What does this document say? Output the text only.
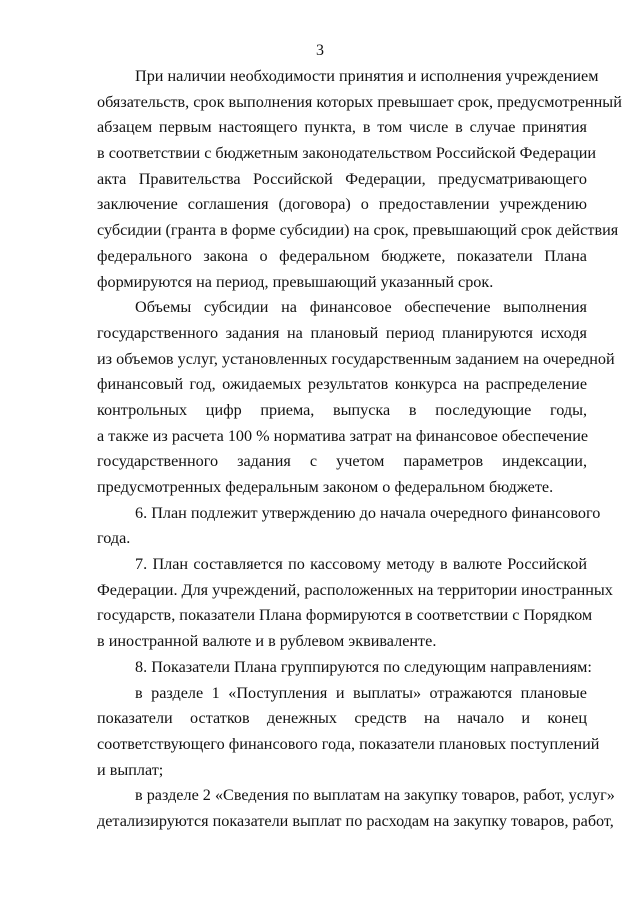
3
При наличии необходимости принятия и исполнения учреждением
обязательств, срок выполнения которых превышает срок, предусмотренный
абзацем первым настоящего пункта, в том числе в случае принятия
в соответствии с бюджетным законодательством Российской Федерации
акта Правительства Российской Федерации, предусматривающего
заключение соглашения (договора) о предоставлении учреждению
субсидии (гранта в форме субсидии) на срок, превышающий срок действия
федерального закона о федеральном бюджете, показатели Плана
формируются на период, превышающий указанный срок.
Объемы субсидии на финансовое обеспечение выполнения
государственного задания на плановый период планируются исходя
из объемов услуг, установленных государственным заданием на очередной
финансовый год, ожидаемых результатов конкурса на распределение
контрольных цифр приема, выпуска в последующие годы,
а также из расчета 100 % норматива затрат на финансовое обеспечение
государственного задания с учетом параметров индексации,
предусмотренных федеральным законом о федеральном бюджете.
6. План подлежит утверждению до начала очередного финансового
года.
7. План составляется по кассовому методу в валюте Российской
Федерации. Для учреждений, расположенных на территории иностранных
государств, показатели Плана формируются в соответствии с Порядком
в иностранной валюте и в рублевом эквиваленте.
8. Показатели Плана группируются по следующим направлениям:
в разделе 1 «Поступления и выплаты» отражаются плановые
показатели остатков денежных средств на начало и конец
соответствующего финансового года, показатели плановых поступлений
и выплат;
в разделе 2 «Сведения по выплатам на закупку товаров, работ, услуг»
детализируются показатели выплат по расходам на закупку товаров, работ,
